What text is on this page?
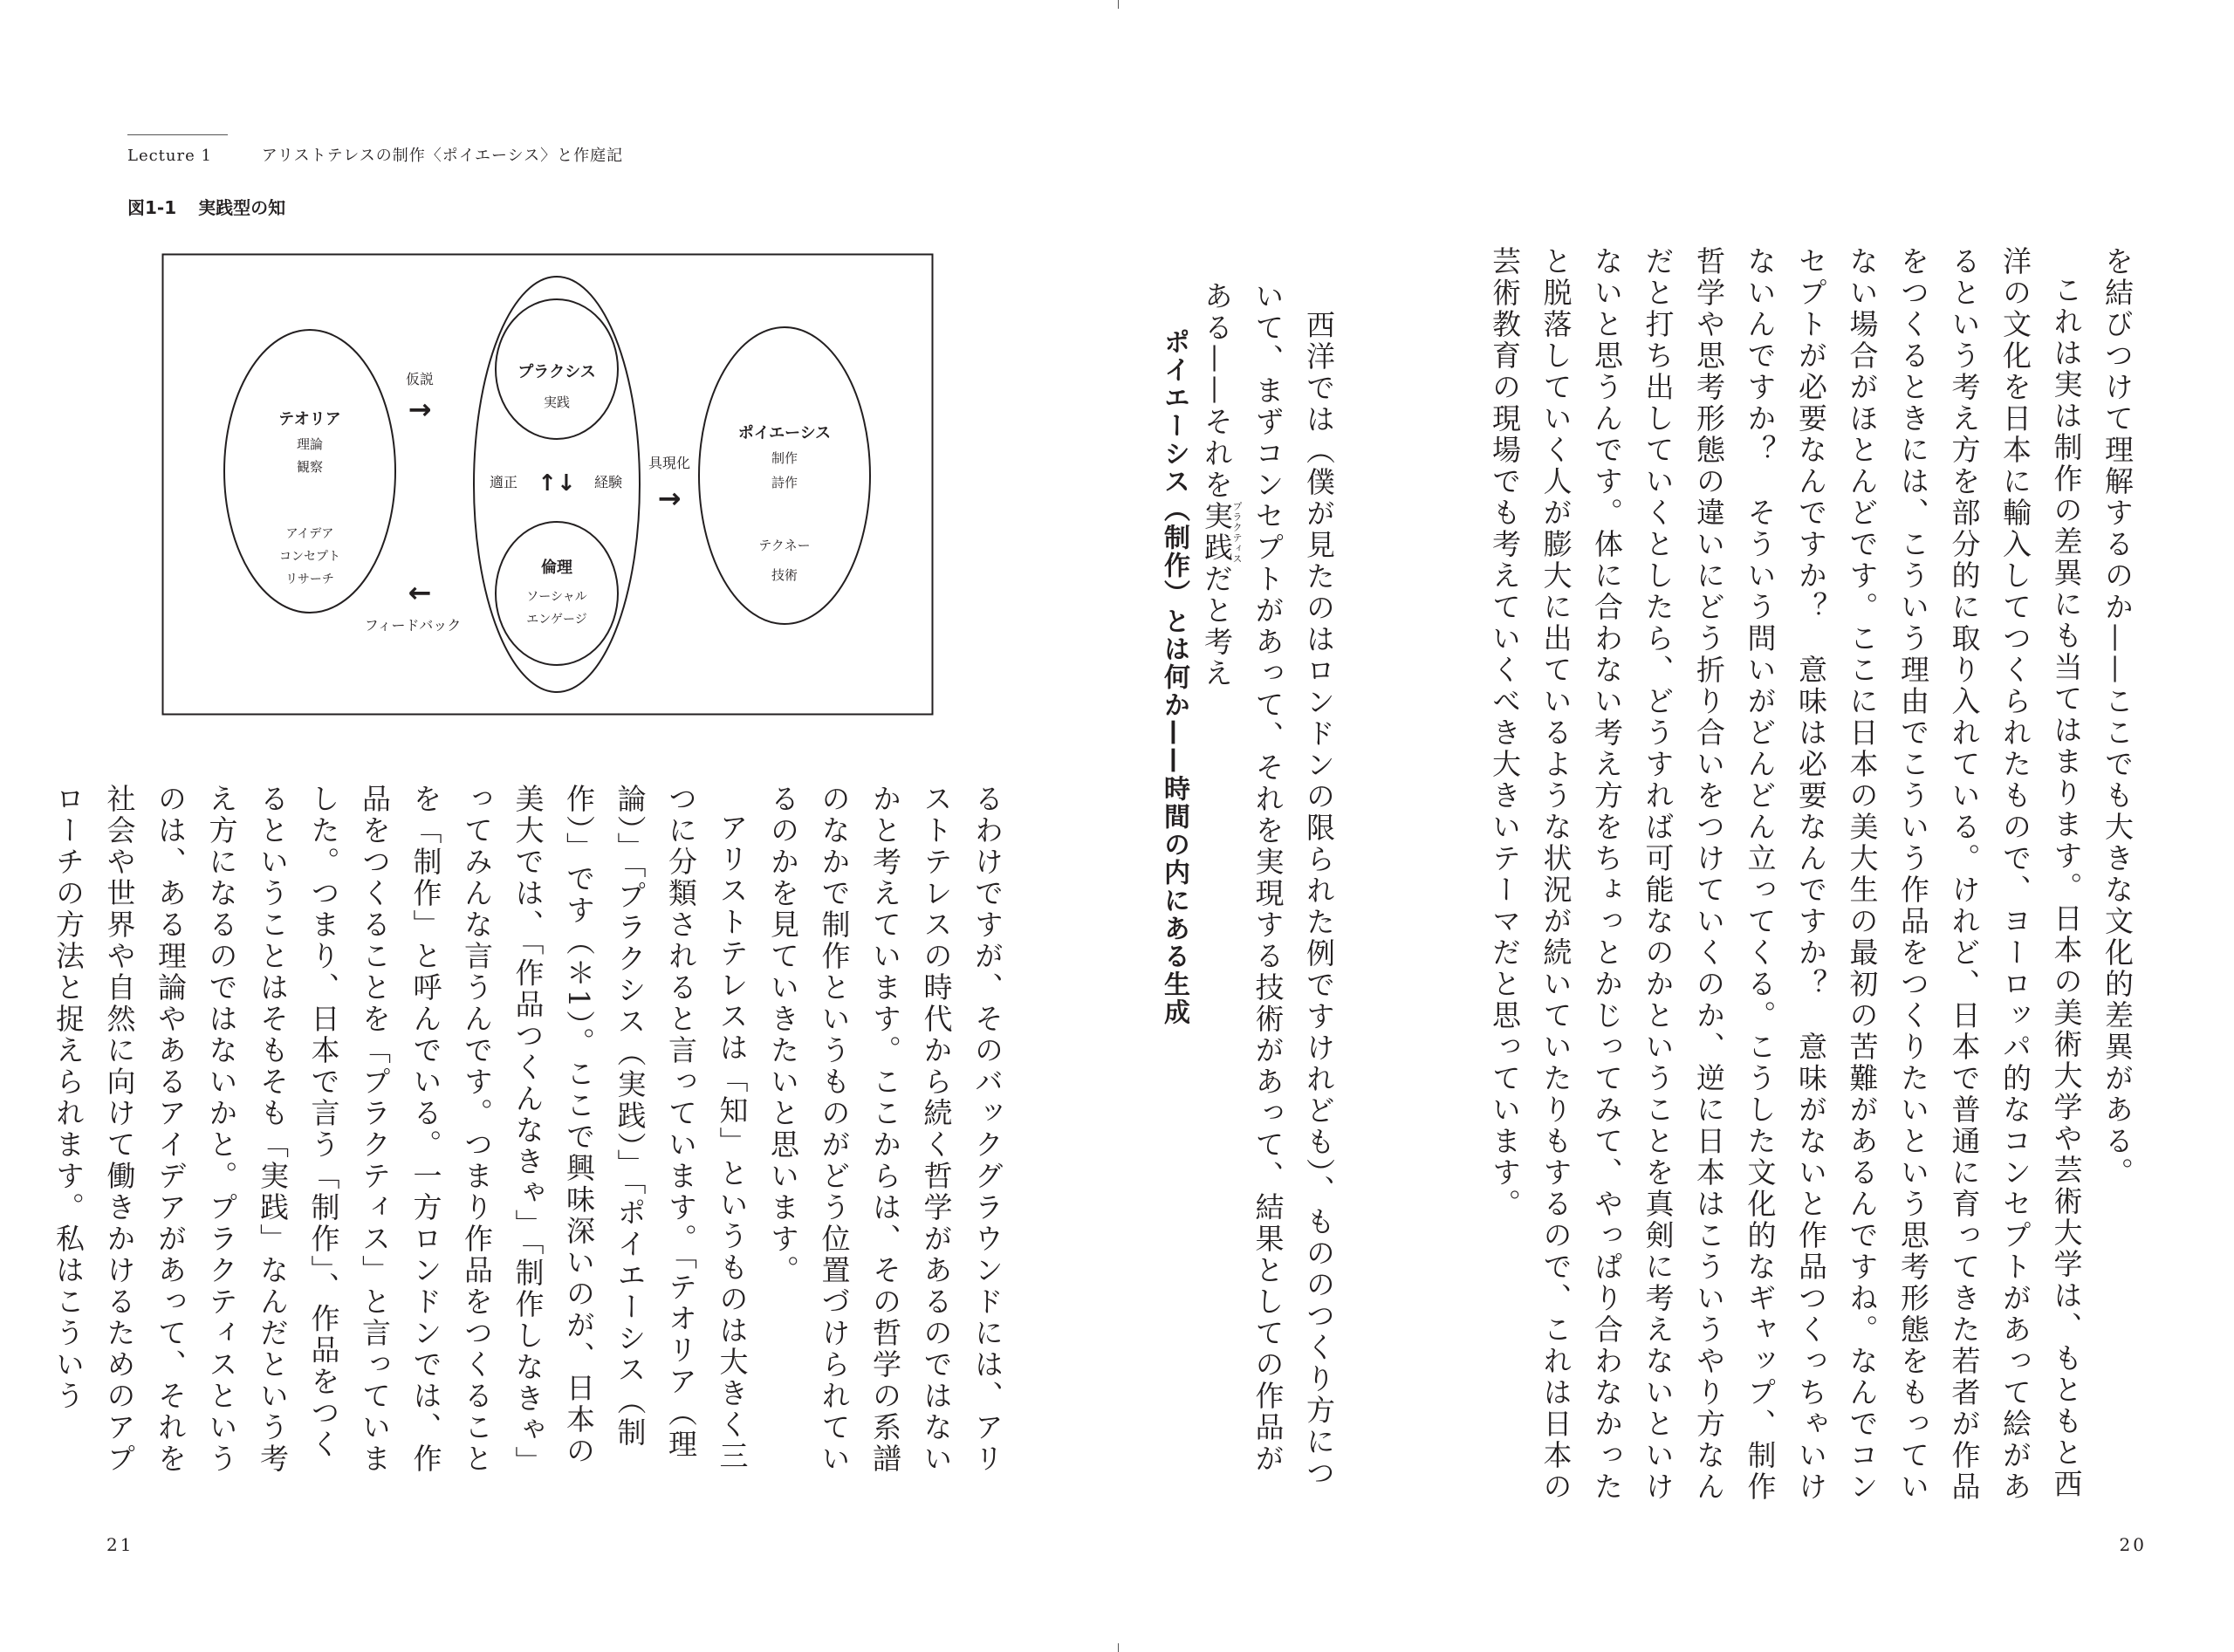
Lecture 1	アリストテレスの制作〈ポイエーシス〉と作庭記
図1-1 実践型の知
テオリア
理論
観察
アイデア
コンセプト
リサーチ
プラクシス
実践
適正 ↑↓ 経験
倫理
ソーシャル
エンゲージ
ポイエーシス
制作
詩作
テクネー
技術
仮説
→
←
フィードバック
具現化
→

るわけですが、そのバックグラウンドには、アリストテレスの時代から続く哲学があるのではないかと考えています。ここからは、その哲学の系譜のなかで制作というものがどう位置づけられているのかを見ていきたいと思います。

アリストテレスは「知」というものは大きく三つに分類されると言っています。「テオリア（理論）」「プラクシス（実践）」「ポイエーシス（制作）」です（＊1）。ここで興味深いのが、日本の美大では、「作品つくんなきゃ」「制作しなきゃ」ってみんな言うんです。つまり作品をつくることを「制作」と呼んでいる。一方ロンドンでは、作品をつくることを「プラクティス」と言っていました。つまり、日本で言う「制作」、作品をつくるということはそもそも「実践」なんだという考え方になるのではないかと。プラクティスというのは、ある理論やあるアイデアがあって、それを社会や世界や自然に向けて働きかけるためのアプローチの方法と捉えられます。私はこういう

21

を結びつけて理解するのか——ここでも大きな文化的差異がある。

これは実は制作の差異にも当てはまります。日本の美術大学や芸術大学は、もともと西洋の文化を日本に輸入してつくられたもので、ヨーロッパ的なコンセプトがあって絵があるという考え方を部分的に取り入れている。けれど、日本で普通に育ってきた若者が作品をつくるときには、こういう理由でこういう作品をつくりたいという思考形態をもっていない場合がほとんどです。ここに日本の美大生の最初の苦難があるんですね。なんでコンセプトが必要なんですか？　意味は必要なんですか？　意味がないと作品つくっちゃいけないんですか？　そういう問いがどんどん立ってくる。こうした文化的なギャップ、制作哲学や思考形態の違いにどう折り合いをつけていくのか、逆に日本はこういうやり方なんだと打ち出していくとしたら、どうすれば可能なのかということを真剣に考えないといけないと思うんです。体に合わない考え方をちょっとかじってみて、やっぱり合わなかったと脱落していく人が膨大に出ているような状況が続いていたりもするので、これは日本の芸術教育の現場でも考えていくべき大きいテーマだと思っています。

ポイエーシス（制作）とは何か——時間の内にある生成	西洋では（僕が見たのはロンドンの限られた例ですけれども）、もののつくり方について、まずコンセプトがあって、それを実現する技術があって、結果としての作品がある——それを実践プラクティスだと考え

20
